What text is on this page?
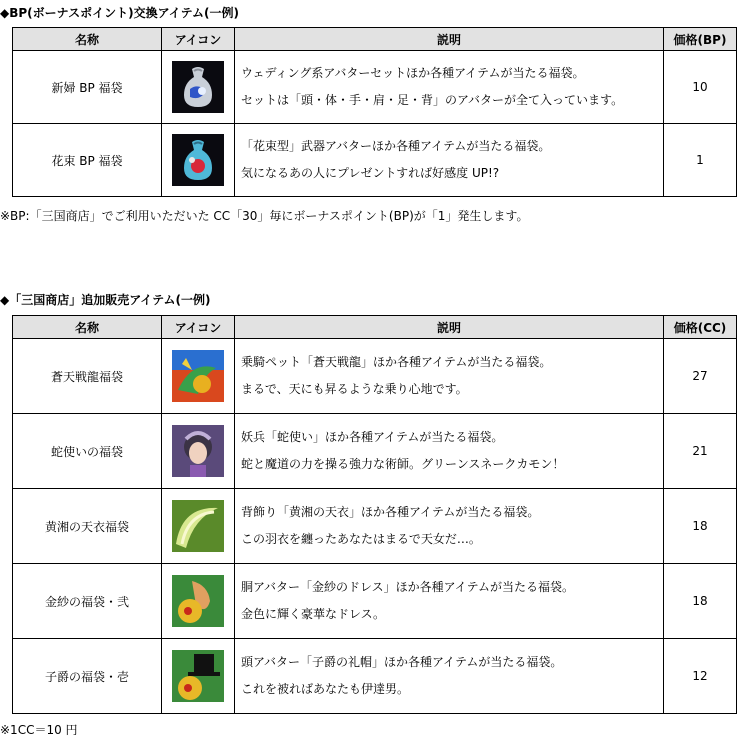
◆BP(ボーナスポイント)交換アイテム(一例)
名称	アイコン	説明	価格(BP)
新婦 BP 福袋		ウェディング系アバターセットほか各種アイテムが当たる福袋。
セットは「頭・体・手・肩・足・背」のアバターが全て入っています。	10
花束 BP 福袋		「花束型」武器アバターほか各種アイテムが当たる福袋。
気になるあの人にプレゼントすれば好感度 UP!?	1
※BP:「三国商店」でご利用いただいた CC「30」毎にボーナスポイント(BP)が「1」発生します。
◆「三国商店」追加販売アイテム(一例)
名称	アイコン	説明	価格(CC)
蒼天戦龍福袋		乗騎ペット「蒼天戦龍」ほか各種アイテムが当たる福袋。
まるで、天にも昇るような乗り心地です。	27
蛇使いの福袋		妖兵「蛇使い」ほか各種アイテムが当たる福袋。
蛇と魔道の力を操る強力な術師。グリーンスネークカモン！	21
黄湘の天衣福袋		背飾り「黄湘の天衣」ほか各種アイテムが当たる福袋。
この羽衣を纏ったあなたはまるで天女だ…。	18
金紗の福袋・弐		胴アバター「金紗のドレス」ほか各種アイテムが当たる福袋。
金色に輝く豪華なドレス。	18
子爵の福袋・壱		頭アバター「子爵の礼帽」ほか各種アイテムが当たる福袋。
これを被ればあなたも伊達男。	12
※1CC＝10 円
